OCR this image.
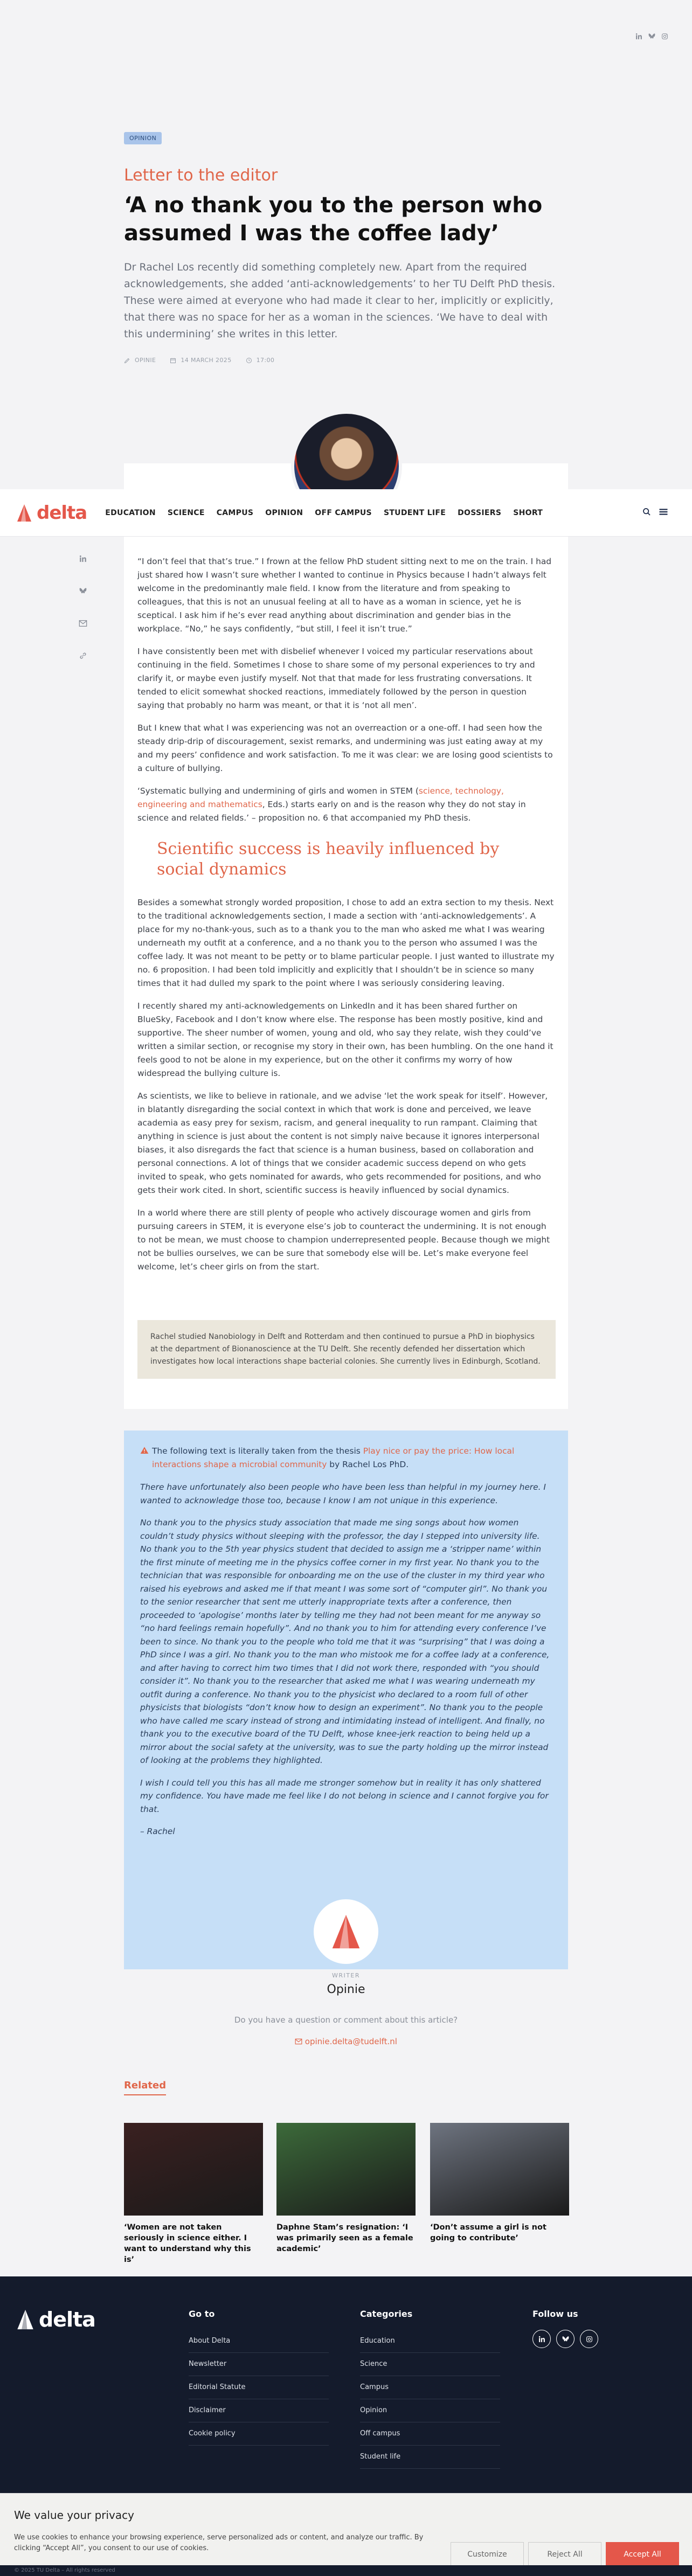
OPINION
Letter to the editor
‘A no thank you to the person who assumed I was the coffee lady’

Dr Rachel Los recently did something completely new. Apart from the required acknowledgements, she added ‘anti-acknowledgements’ to her TU Delft PhD thesis. These were aimed at everyone who had made it clear to her, implicitly or explicitly, that there was no space for her as a woman in the sciences. ‘We have to deal with this undermining’ she writes in this letter.

OPINIE	14 MARCH 2025	17:00
delta EDUCATION SCIENCE CAMPUS OPINION OFF CAMPUS STUDENT LIFE DOSSIERS SHORT

“I don’t feel that that’s true.” I frown at the fellow PhD student sitting next to me on the train. I had just shared how I wasn’t sure whether I wanted to continue in Physics because I hadn’t always felt welcome in the predominantly male field. I know from the literature and from speaking to colleagues, that this is not an unusual feeling at all to have as a woman in science, yet he is sceptical. I ask him if he’s ever read anything about discrimination and gender bias in the workplace. “No,” he says confidently, “but still, I feel it isn’t true.”

I have consistently been met with disbelief whenever I voiced my particular reservations about continuing in the field. Sometimes I chose to share some of my personal experiences to try and clarify it, or maybe even justify myself. Not that that made for less frustrating conversations. It tended to elicit somewhat shocked reactions, immediately followed by the person in question saying that probably no harm was meant, or that it is ‘not all men’.

But I knew that what I was experiencing was not an overreaction or a one-off. I had seen how the steady drip-drip of discouragement, sexist remarks, and undermining was just eating away at my and my peers’ confidence and work satisfaction. To me it was clear: we are losing good scientists to a culture of bullying.

‘Systematic bullying and undermining of girls and women in STEM (science, technology, engineering and mathematics, Eds.) starts early on and is the reason why they do not stay in science and related fields.’ – proposition no. 6 that accompanied my PhD thesis.

Scientific success is heavily influenced by social dynamics

Besides a somewhat strongly worded proposition, I chose to add an extra section to my thesis. Next to the traditional acknowledgements section, I made a section with ‘anti-acknowledgements’. A place for my no-thank-yous, such as to a thank you to the man who asked me what I was wearing underneath my outfit at a conference, and a no thank you to the person who assumed I was the coffee lady. It was not meant to be petty or to blame particular people. I just wanted to illustrate my no. 6 proposition. I had been told implicitly and explicitly that I shouldn’t be in science so many times that it had dulled my spark to the point where I was seriously considering leaving.

I recently shared my anti-acknowledgements on LinkedIn and it has been shared further on BlueSky, Facebook and I don’t know where else. The response has been mostly positive, kind and supportive. The sheer number of women, young and old, who say they relate, wish they could’ve written a similar section, or recognise my story in their own, has been humbling. On the one hand it feels good to not be alone in my experience, but on the other it confirms my worry of how widespread the bullying culture is.

As scientists, we like to believe in rationale, and we advise ‘let the work speak for itself’. However, in blatantly disregarding the social context in which that work is done and perceived, we leave academia as easy prey for sexism, racism, and general inequality to run rampant. Claiming that anything in science is just about the content is not simply naive because it ignores interpersonal biases, it also disregards the fact that science is a human business, based on collaboration and personal connections. A lot of things that we consider academic success depend on who gets invited to speak, who gets nominated for awards, who gets recommended for positions, and who gets their work cited. In short, scientific success is heavily influenced by social dynamics.

In a world where there are still plenty of people who actively discourage women and girls from pursuing careers in STEM, it is everyone else’s job to counteract the undermining. It is not enough to not be mean, we must choose to champion underrepresented people. Because though we might not be bullies ourselves, we can be sure that somebody else will be. Let’s make everyone feel welcome, let’s cheer girls on from the start.

Rachel studied Nanobiology in Delft and Rotterdam and then continued to pursue a PhD in biophysics at the department of Bionanoscience at the TU Delft. She recently defended her dissertation which investigates how local interactions shape bacterial colonies. She currently lives in Edinburgh, Scotland.
The following text is literally taken from the thesis Play nice or pay the price: How local interactions shape a microbial community by Rachel Los PhD.

There have unfortunately also been people who have been less than helpful in my journey here. I wanted to acknowledge those too, because I know I am not unique in this experience.

No thank you to the physics study association that made me sing songs about how women couldn’t study physics without sleeping with the professor, the day I stepped into university life. No thank you to the 5th year physics student that decided to assign me a ‘stripper name’ within the first minute of meeting me in the physics coffee corner in my first year. No thank you to the technician that was responsible for onboarding me on the use of the cluster in my third year who raised his eyebrows and asked me if that meant I was some sort of “computer girl”. No thank you to the senior researcher that sent me utterly inappropriate texts after a conference, then proceeded to ‘apologise’ months later by telling me they had not been meant for me anyway so “no hard feelings remain hopefully”. And no thank you to him for attending every conference I’ve been to since. No thank you to the people who told me that it was “surprising” that I was doing a PhD since I was a girl. No thank you to the man who mistook me for a coffee lady at a conference, and after having to correct him two times that I did not work there, responded with “you should consider it”. No thank you to the researcher that asked me what I was wearing underneath my outfit during a conference. No thank you to the physicist who declared to a room full of other physicists that biologists “don’t know how to design an experiment”. No thank you to the people who have called me scary instead of strong and intimidating instead of intelligent. And finally, no thank you to the executive board of the TU Delft, whose knee-jerk reaction to being held up a mirror about the social safety at the university, was to sue the party holding up the mirror instead of looking at the problems they highlighted.

I wish I could tell you this has all made me stronger somehow but in reality it has only shattered my confidence. You have made me feel like I do not belong in science and I cannot forgive you for that.

– Rachel

WRITER
Opinie
Do you have a question or comment about this article?
opinie.delta@tudelft.nl
Related
‘Women are not taken seriously in science either. I want to understand why this is’
Daphne Stam’s resignation: ‘I was primarily seen as a female academic’
‘Don’t assume a girl is not going to contribute’
delta	Go to
About Delta
Newsletter
Editorial Statute
Disclaimer
Cookie policy
Categories
Education
Science
Campus
Opinion
Off campus
Student life
Follow us
We value your privacy
We use cookies to enhance your browsing experience, serve personalized ads or content, and analyze our traffic. By clicking “Accept All”, you consent to our use of cookies.
Customize	Reject All	Accept All
© 2025 TU Delta – All rights reserved
